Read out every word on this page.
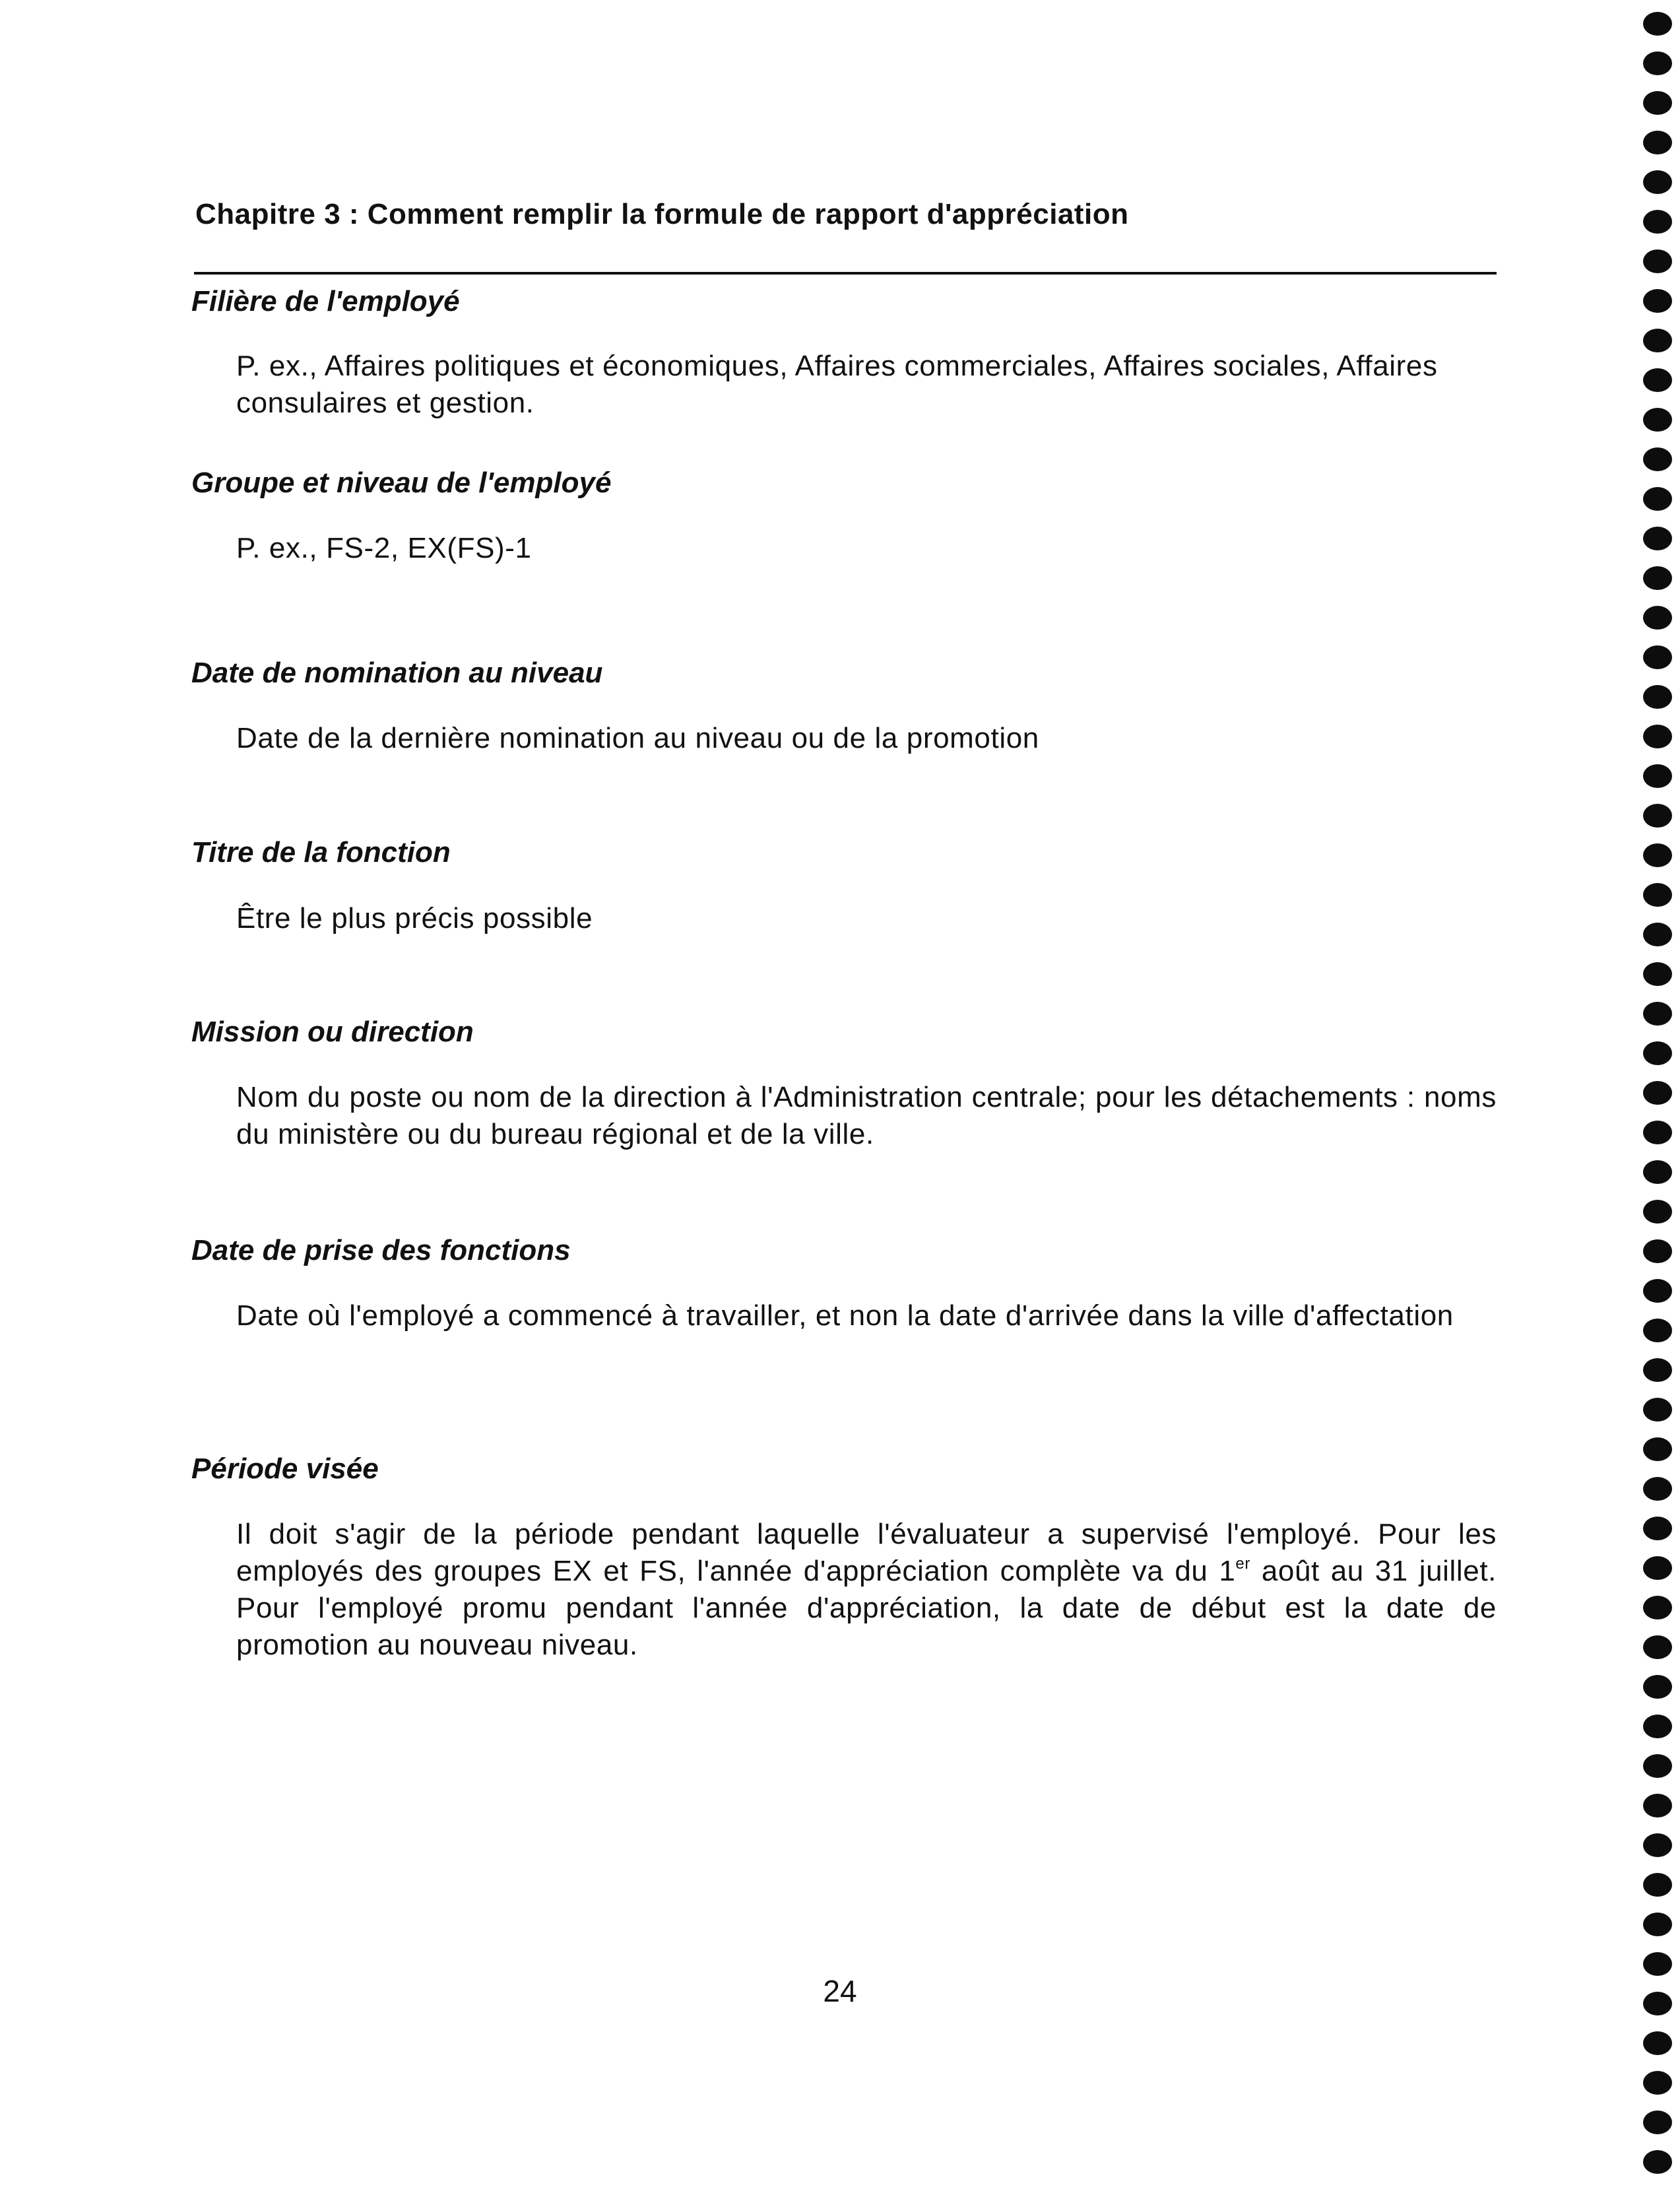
Chapitre 3 : Comment remplir la formule de rapport d'appréciation
Filière de l'employé
P. ex., Affaires politiques et économiques, Affaires commerciales, Affaires sociales, Affaires consulaires et gestion.
Groupe et niveau de l'employé
P. ex., FS-2, EX(FS)-1
Date de nomination au niveau
Date de la dernière nomination au niveau ou de la promotion
Titre de la fonction
Être le plus précis possible
Mission ou direction
Nom du poste ou nom de la direction à l'Administration centrale; pour les détachements : noms du ministère ou du bureau régional et de la ville.
Date de prise des fonctions
Date où l'employé a commencé à travailler, et non la date d'arrivée dans la ville d'affectation
Période visée
Il doit s'agir de la période pendant laquelle l'évaluateur a supervisé l'employé. Pour les employés des groupes EX et FS, l'année d'appréciation complète va du 1er août au 31 juillet. Pour l'employé promu pendant l'année d'appréciation, la date de début est la date de promotion au nouveau niveau.
24
